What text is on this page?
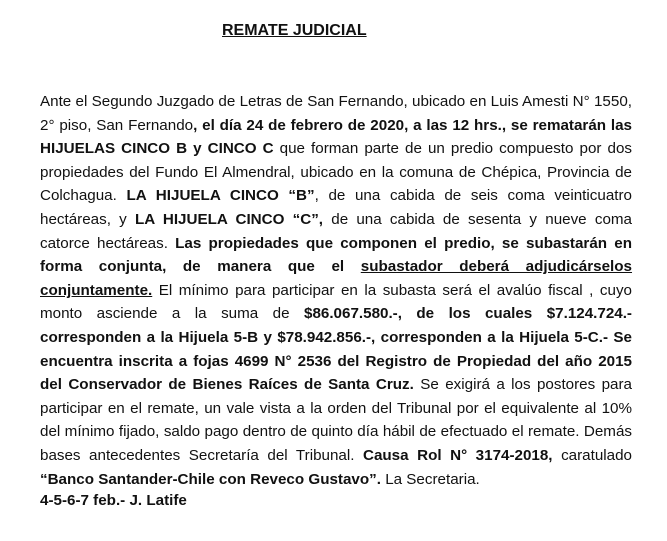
REMATE JUDICIAL

Ante el Segundo Juzgado de Letras de San Fernando, ubicado en Luis Amesti N° 1550, 2° piso, San Fernando, el día 24 de febrero de 2020, a las 12 hrs., se rematarán las HIJUELAS CINCO B y CINCO C que forman parte de un predio compuesto por dos propiedades del Fundo El Almendral, ubicado en la comuna de Chépica, Provincia de Colchagua. LA HIJUELA CINCO “B”, de una cabida de seis coma veinticuatro hectáreas, y LA HIJUELA CINCO “C”, de una cabida de sesenta y nueve coma catorce hectáreas. Las propiedades que componen el predio, se subastarán en forma conjunta, de manera que el subastador deberá adjudicárselos conjuntamente. El mínimo para participar en la subasta será el avalúo fiscal , cuyo monto asciende a la suma de $86.067.580.-, de los cuales $7.124.724.- corresponden a la Hijuela 5-B y $78.942.856.-, corresponden a la Hijuela 5-C.- Se encuentra inscrita a fojas 4699 N° 2536 del Registro de Propiedad del año 2015 del Conservador de Bienes Raíces de Santa Cruz. Se exigirá a los postores para participar en el remate, un vale vista a la orden del Tribunal por el equivalente al 10% del mínimo fijado, saldo pago dentro de quinto día hábil de efectuado el remate. Demás bases antecedentes Secretaría del Tribunal. Causa Rol N° 3174-2018, caratulado “Banco Santander-Chile con Reveco Gustavo”. La Secretaria.

4-5-6-7 feb.- J. Latife
